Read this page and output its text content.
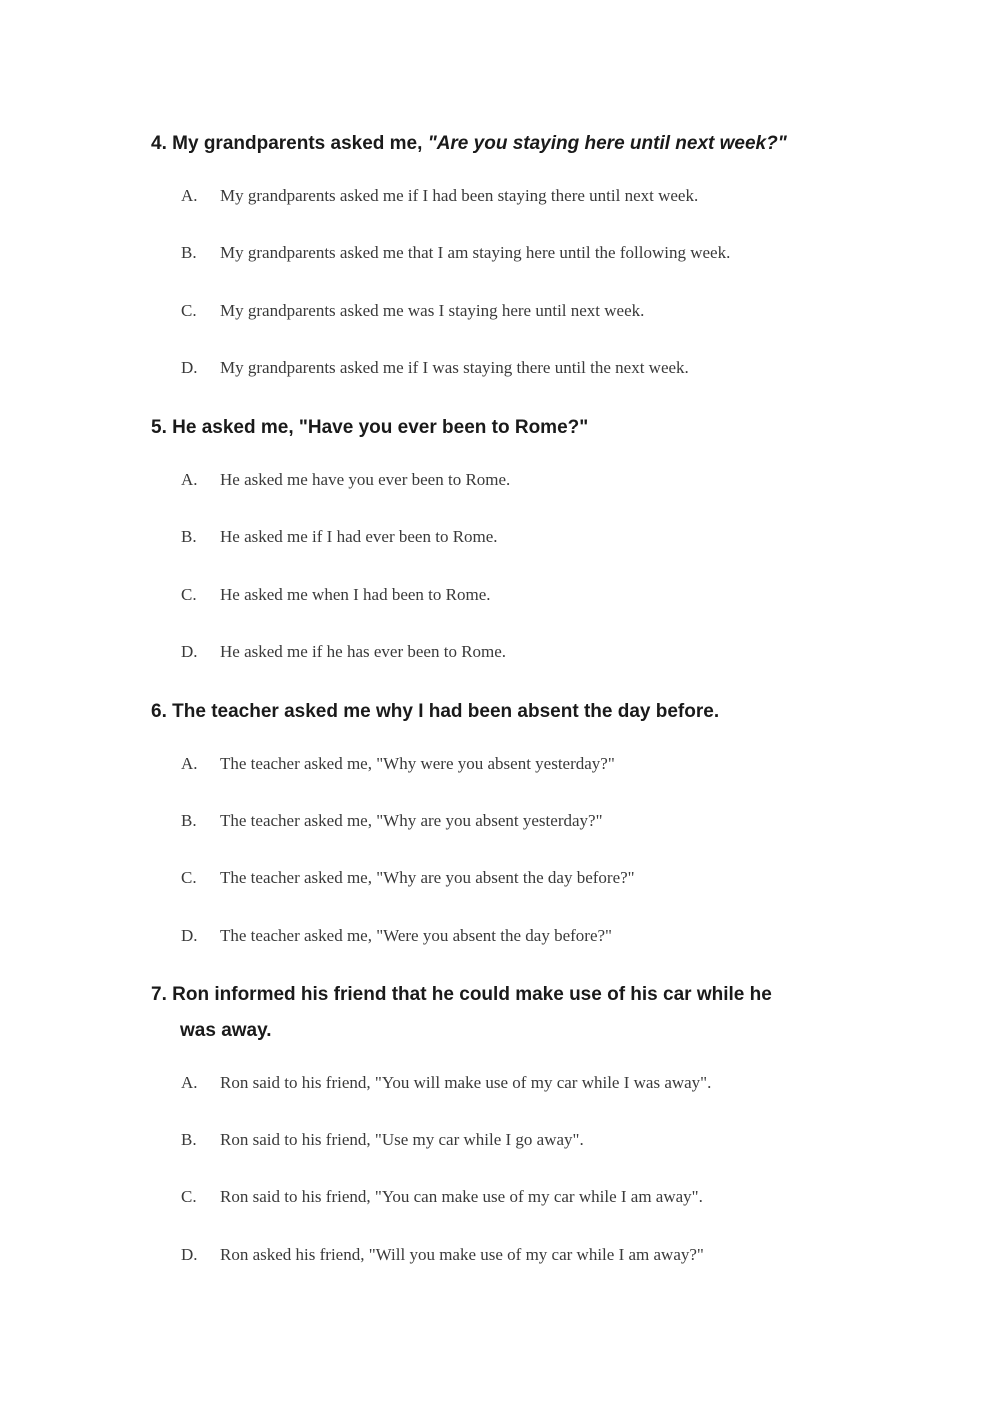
4. My grandparents asked me, "Are you staying here until next week?"
A. My grandparents asked me if I had been staying there until next week.
B. My grandparents asked me that I am staying here until the following week.
C. My grandparents asked me was I staying here until next week.
D. My grandparents asked me if I was staying there until the next week.
5. He asked me, "Have you ever been to Rome?"
A. He asked me have you ever been to Rome.
B. He asked me if I had ever been to Rome.
C. He asked me when I had been to Rome.
D. He asked me if he has ever been to Rome.
6. The teacher asked me why I had been absent the day before.
A. The teacher asked me, "Why were you absent yesterday?"
B. The teacher asked me, "Why are you absent yesterday?"
C. The teacher asked me, "Why are you absent the day before?"
D. The teacher asked me, "Were you absent the day before?"
7. Ron informed his friend that he could make use of his car while he
was away.
A. Ron said to his friend, "You will make use of my car while I was away".
B. Ron said to his friend, "Use my car while I go away".
C. Ron said to his friend, "You can make use of my car while I am away".
D. Ron asked his friend, "Will you make use of my car while I am away?"
